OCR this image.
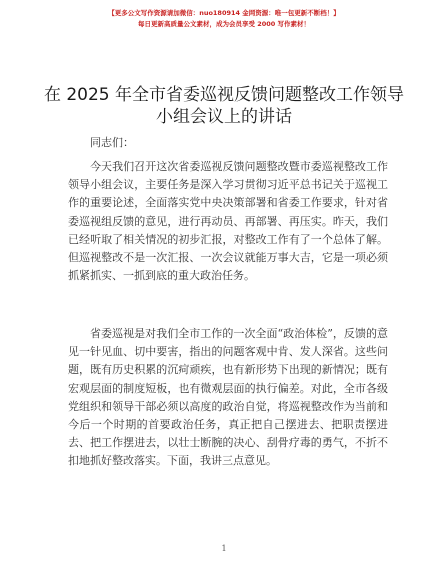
【更多公文写作资源请加微信：nuo180914 金网资源：唯一包更新不断档！】
每日更新高质量公文素材，成为会员享受 2000 写作素材！
在 2025 年全市省委巡视反馈问题整改工作领导小组会议上的讲话
同志们：
今天我们召开这次省委巡视反馈问题整改暨市委巡视整改工作领导小组会议，主要任务是深入学习贯彻习近平总书记关于巡视工作的重要论述，全面落实党中央决策部署和省委工作要求，针对省委巡视组反馈的意见，进行再动员、再部署、再压实。昨天，我们已经听取了相关情况的初步汇报，对整改工作有了一个总体了解。但巡视整改不是一次汇报、一次会议就能万事大吉，它是一项必须抓紧抓实、一抓到底的重大政治任务。
省委巡视是对我们全市工作的一次全面“政治体检”，反馈的意见一针见血、切中要害，指出的问题客观中肯、发人深省。这些问题，既有历史积累的沉疴顽疾，也有新形势下出现的新情况；既有宏观层面的制度短板，也有微观层面的执行偏差。对此，全市各级党组织和领导干部必须以高度的政治自觉，将巡视整改作为当前和今后一个时期的首要政治任务，真正把自己摆进去、把职责摆进去、把工作摆进去，以壮士断腕的决心、刮骨疗毒的勇气，不折不扣地抓好整改落实。下面，我讲三点意见。
1
